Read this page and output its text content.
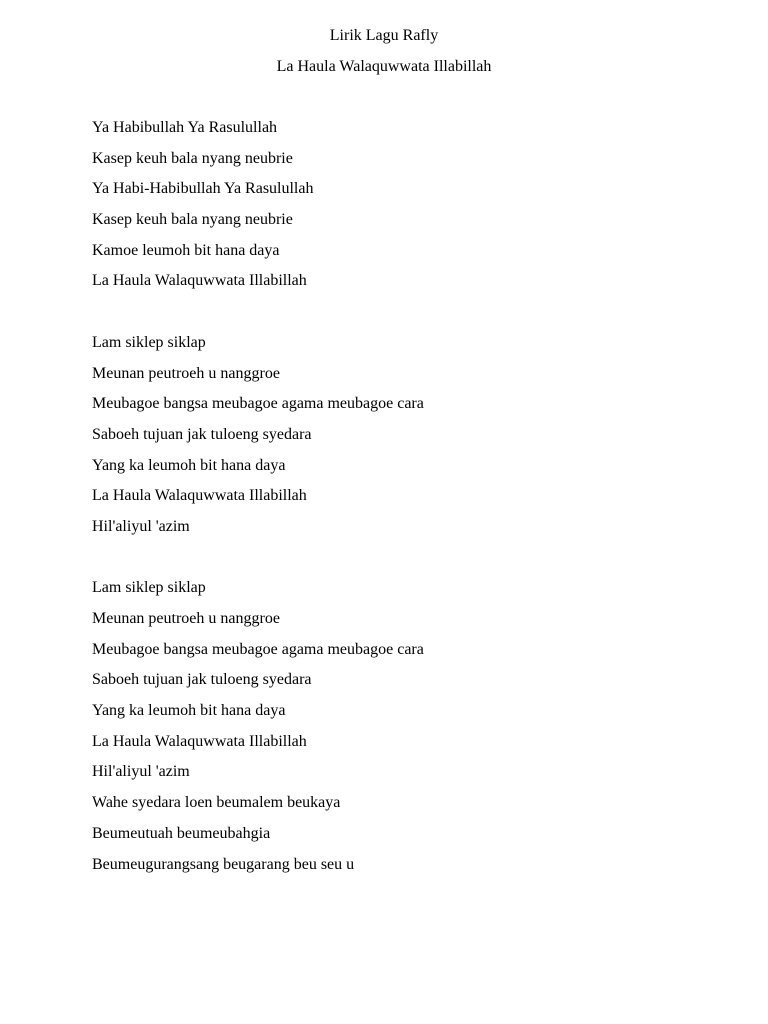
Lirik Lagu Rafly
La Haula Walaquwwata Illabillah
Ya Habibullah Ya Rasulullah
Kasep keuh bala nyang neubrie
Ya Habi-Habibullah Ya Rasulullah
Kasep keuh bala nyang neubrie
Kamoe leumoh bit hana daya
La Haula Walaquwwata Illabillah
Lam siklep siklap
Meunan peutroeh u nanggroe
Meubagoe bangsa meubagoe agama meubagoe cara
Saboeh tujuan jak tuloeng syedara
Yang ka leumoh bit hana daya
La Haula Walaquwwata Illabillah
Hil'aliyul 'azim
Lam siklep siklap
Meunan peutroeh u nanggroe
Meubagoe bangsa meubagoe agama meubagoe cara
Saboeh tujuan jak tuloeng syedara
Yang ka leumoh bit hana daya
La Haula Walaquwwata Illabillah
Hil'aliyul 'azim
Wahe syedara loen beumalem beukaya
Beumeutuah beumeubahgia
Beumeugurangsang beugarang beu seu u
